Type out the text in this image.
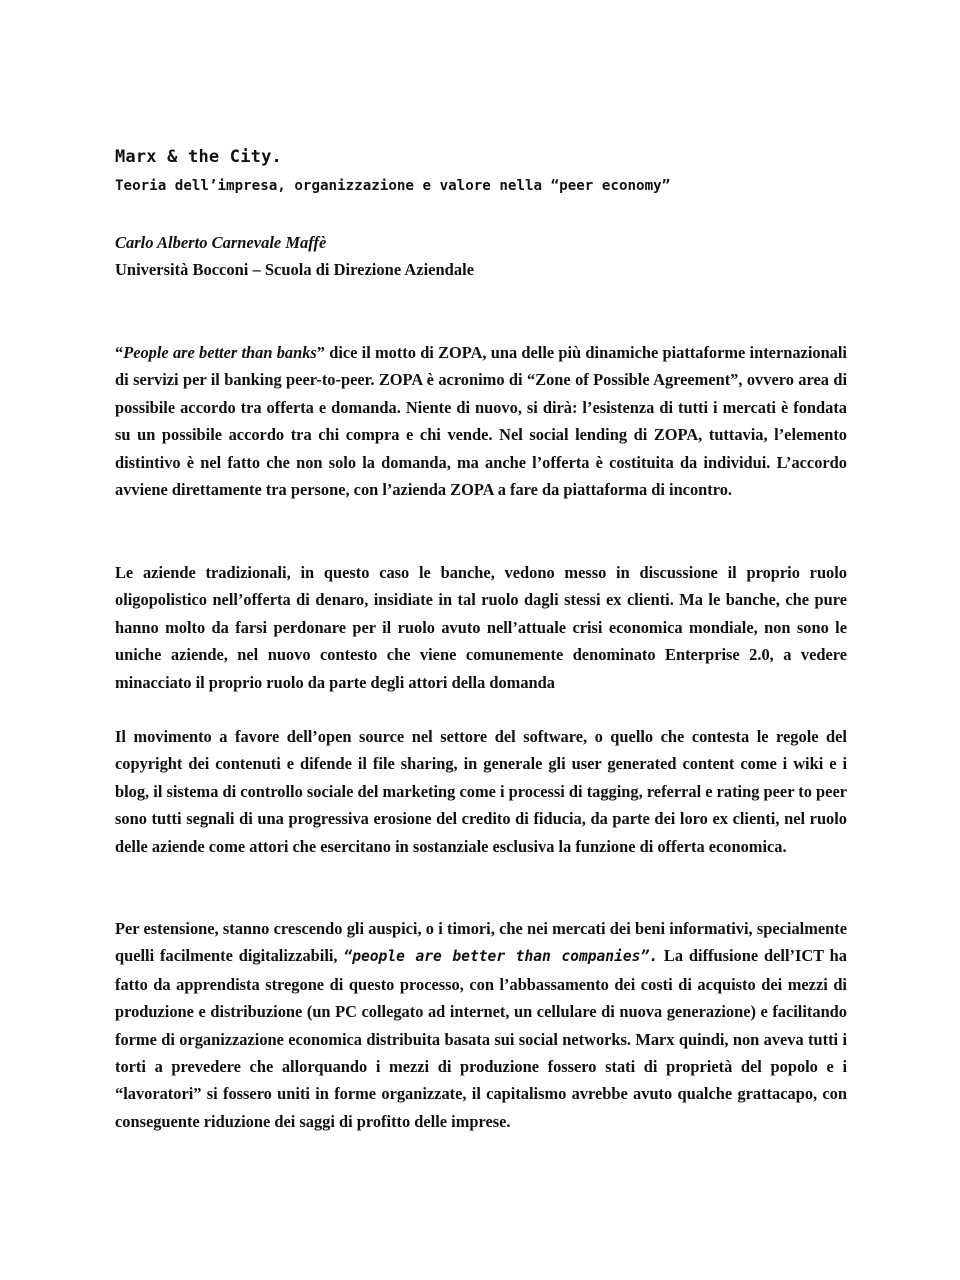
Marx & the City.
Teoria dell’impresa, organizzazione e valore nella “peer economy”

Carlo Alberto Carnevale Maffè

Università Bocconi – Scuola di Direzione Aziendale

“People are better than banks” dice il motto di ZOPA, una delle più dinamiche piattaforme internazionali di servizi per il banking peer-to-peer. ZOPA è acronimo di “Zone of Possible Agreement”, ovvero area di possibile accordo tra offerta e domanda. Niente di nuovo, si dirà: l’esistenza di tutti i mercati è fondata su un possibile accordo tra chi compra e chi vende. Nel social lending di ZOPA, tuttavia, l’elemento distintivo è nel fatto che non solo la domanda, ma anche l’offerta è costituita da individui. L’accordo avviene direttamente tra persone, con l’azienda ZOPA a fare da piattaforma di incontro.

Le aziende tradizionali, in questo caso le banche, vedono messo in discussione il proprio ruolo oligopolistico nell’offerta di denaro, insidiate in tal ruolo dagli stessi ex clienti. Ma le banche, che pure hanno molto da farsi perdonare per il ruolo avuto nell’attuale crisi economica mondiale, non sono le uniche aziende, nel nuovo contesto che viene comunemente denominato Enterprise 2.0, a vedere minacciato il proprio ruolo da parte degli attori della domanda

Il movimento a favore dell’open source nel settore del software, o quello che contesta le regole del copyright dei contenuti e difende il file sharing, in generale gli user generated content come i wiki e i blog, il sistema di controllo sociale del marketing come i processi di tagging, referral e rating peer to peer sono tutti segnali di una progressiva erosione del credito di fiducia, da parte dei loro ex clienti, nel ruolo delle aziende come attori che esercitano in sostanziale esclusiva la funzione di offerta economica.

Per estensione, stanno crescendo gli auspici, o i timori, che nei mercati dei beni informativi, specialmente quelli facilmente digitalizzabili, “people are better than companies”. La diffusione dell’ICT ha fatto da apprendista stregone di questo processo, con l’abbassamento dei costi di acquisto dei mezzi di produzione e distribuzione (un PC collegato ad internet, un cellulare di nuova generazione) e facilitando forme di organizzazione economica distribuita basata sui social networks. Marx quindi, non aveva tutti i torti a prevedere che allorquando i mezzi di produzione fossero stati di proprietà del popolo e i “lavoratori” si fossero uniti in forme organizzate, il capitalismo avrebbe avuto qualche grattacapo, con conseguente riduzione dei saggi di profitto delle imprese.
